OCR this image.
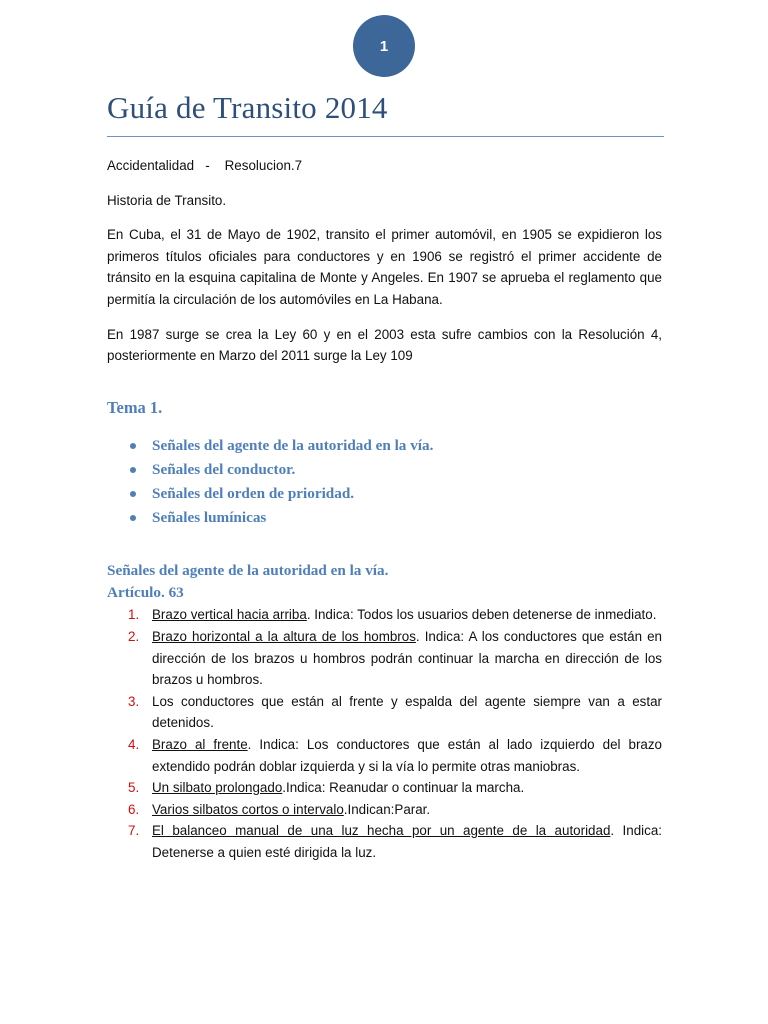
1
Guía de Transito 2014

Accidentalidad - Resolucion.7

Historia de Transito.

En Cuba, el 31 de Mayo de 1902, transito el primer automóvil, en 1905 se expidieron los primeros títulos oficiales para conductores y en 1906 se registró el primer accidente de tránsito en la esquina capitalina de Monte y Angeles. En 1907 se aprueba el reglamento que permitía la circulación de los automóviles en La Habana.

En 1987 surge se crea la Ley 60 y en el 2003 esta sufre cambios con la Resolución 4, posteriormente en Marzo del 2011 surge la Ley 109

Tema 1.
Señales del agente de la autoridad en la vía.
Señales del conductor.
Señales del orden de prioridad.
Señales lumínicas
Señales del agente de la autoridad en la vía.
Artículo. 63
1. Brazo vertical hacia arriba. Indica: Todos los usuarios deben detenerse de inmediato.
2. Brazo horizontal a la altura de los hombros. Indica: A los conductores que están en dirección de los brazos u hombros podrán continuar la marcha en dirección de los brazos u hombros.
3. Los conductores que están al frente y espalda del agente siempre van a estar detenidos.
4. Brazo al frente. Indica: Los conductores que están al lado izquierdo del brazo extendido podrán doblar izquierda y si la vía lo permite otras maniobras.
5. Un silbato prolongado.Indica: Reanudar o continuar la marcha.
6. Varios silbatos cortos o intervalo.Indican:Parar.
7. El balanceo manual de una luz hecha por un agente de la autoridad. Indica: Detenerse a quien esté dirigida la luz.
